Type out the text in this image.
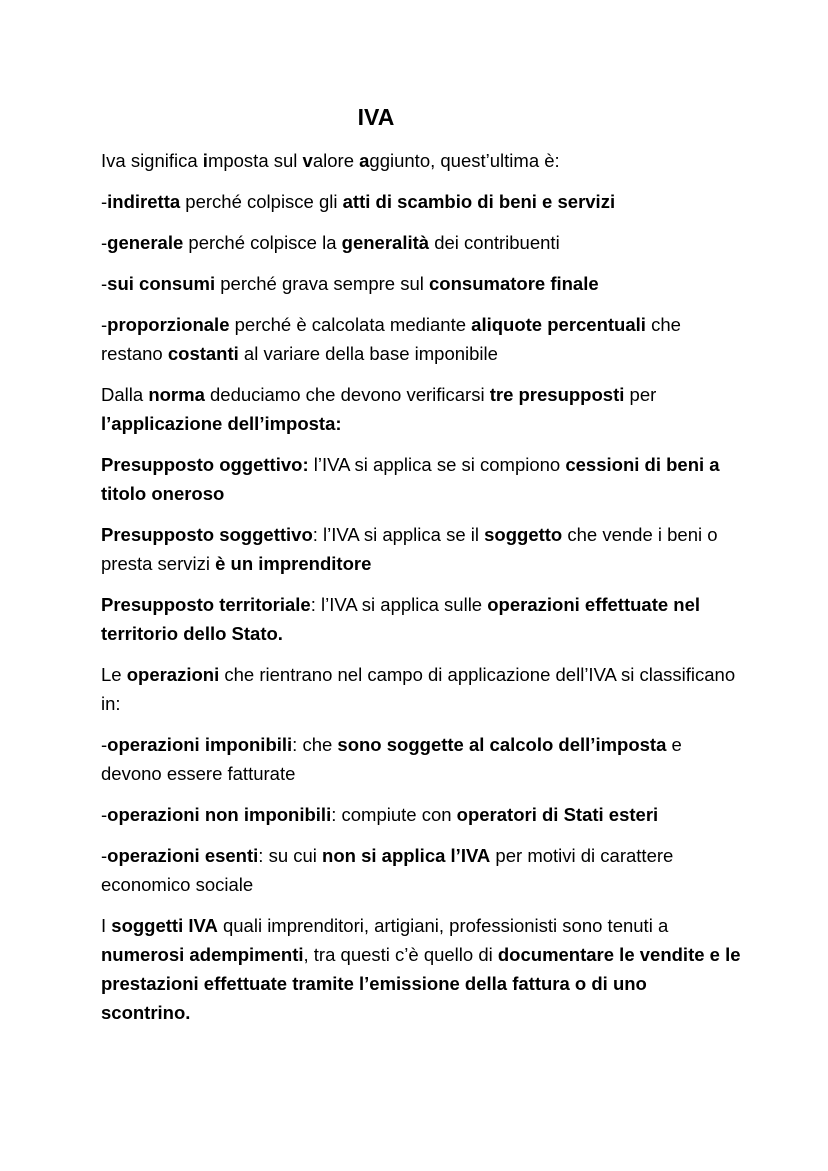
IVA

Iva significa imposta sul valore aggiunto, quest’ultima è:

-indiretta perché colpisce gli atti di scambio di beni e servizi

-generale perché colpisce la generalità dei contribuenti

-sui consumi perché grava sempre sul consumatore finale

-proporzionale perché è calcolata mediante aliquote percentuali che restano costanti al variare della base imponibile

Dalla norma deduciamo che devono verificarsi tre presupposti per l’applicazione dell’imposta:

Presupposto oggettivo: l’IVA si applica se si compiono cessioni di beni a titolo oneroso

Presupposto soggettivo: l’IVA si applica se il soggetto che vende i beni o presta servizi è un imprenditore

Presupposto territoriale: l’IVA si applica sulle operazioni effettuate nel territorio dello Stato.

Le operazioni che rientrano nel campo di applicazione dell’IVA si classificano in:

-operazioni imponibili: che sono soggette al calcolo dell’imposta e devono essere fatturate

-operazioni non imponibili: compiute con operatori di Stati esteri

-operazioni esenti: su cui non si applica l’IVA per motivi di carattere economico sociale

I soggetti IVA quali imprenditori, artigiani, professionisti sono tenuti a numerosi adempimenti, tra questi c’è quello di documentare le vendite e le prestazioni effettuate tramite l’emissione della fattura o di uno scontrino.
